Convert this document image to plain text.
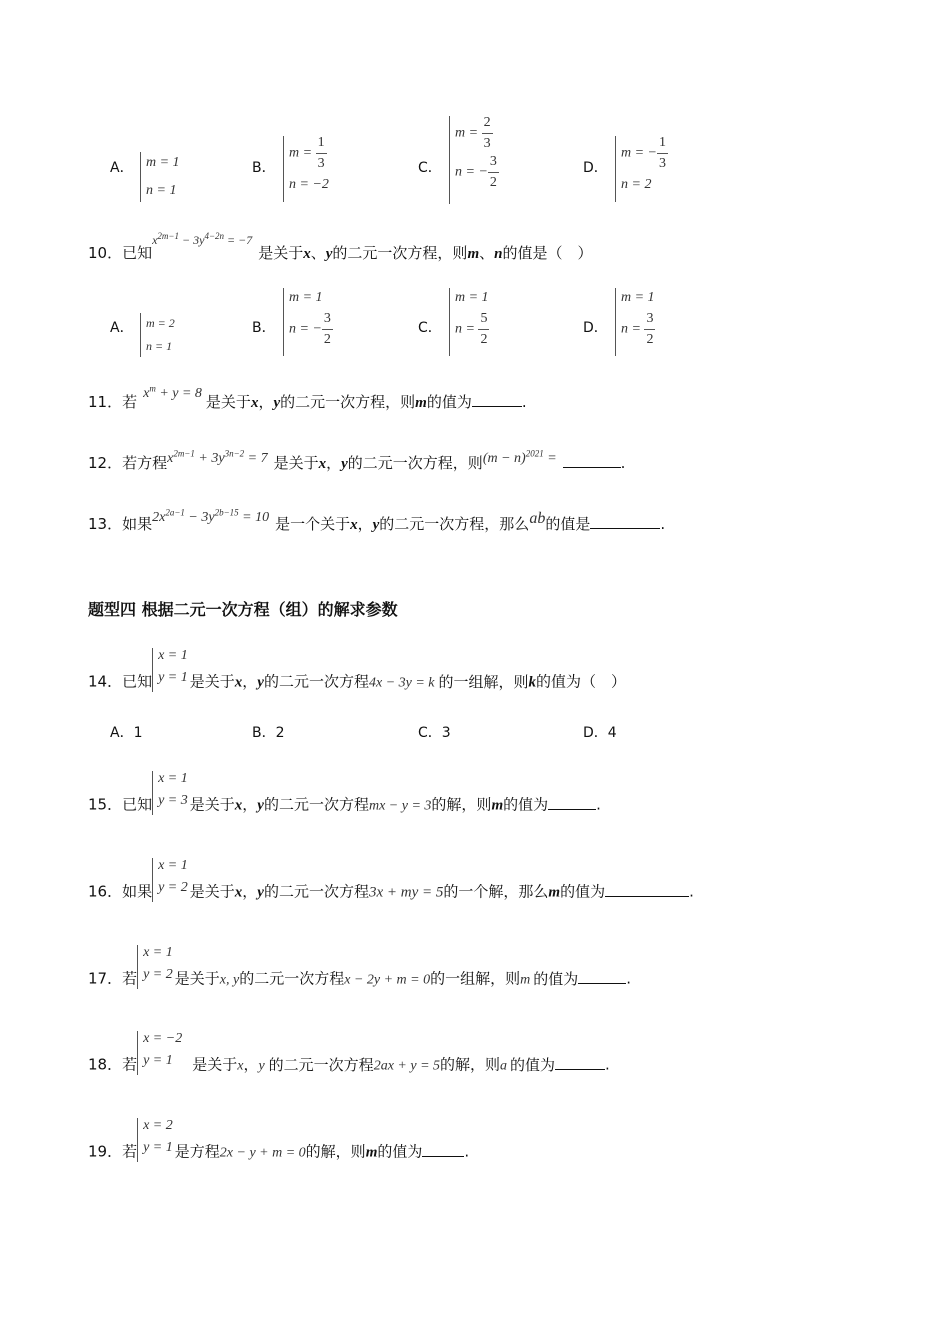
A． m = 1
n = 1
B．
$m = \frac{1}{3}$
n = −2
C．
$m = \frac{2}{3}$
n = − $\frac{3}{2}$	D．
m = − $\frac{1}{3}$
n = 2
10．已知$^{x^{2m-1} - 3y^{4-2n} = -7}$是关于x、y的二元一次方程，则m、n的值是（　）
A． m = 2
n = 1
B．
m = 1
n = − $\frac{3}{2}$	C．
m = 1
$n = \frac{5}{2}$	D．
m = 1
$n = \frac{3}{2}$
11．若 $x^m + y = 8$ 是关于x，y的二元一次方程，则m的值为	.
12．若方程$x^{2m-1} + 3y^{3n-2} = 7$ 是关于x，y的二元一次方程，则$(m - n)^{2021}$ =	.
13．如果$2x^{2a-1} - 3y^{2b-15} = 10$ 是一个关于x，y的二元一次方程，那么ab的值是	.
题型四 根据二元一次方程（组）的解求参数
14．已知
x = 1
y = 1 是关于x，y的二元一次方程4x − 3y = k 的一组解，则k的值为（　）
A．1	B．2	C．3	D．4
15．已知
x = 1
y = 3 是关于x，y的二元一次方程mx − y = 3的解，则m的值为	.
16．如果
x = 1
y = 2 是关于x，y的二元一次方程3x + my = 5的一个解，那么m的值为	.
17．若
x = 1
y = 2 是关于x, y的二元一次方程x − 2y + m = 0的一组解，则m 的值为	.
18．若
x = −2
y = 1	是关于x，y 的二元一次方程2ax + y = 5的解，则a 的值为	.
19．若
x = 2
y = 1 是方程2x − y + m = 0的解，则m的值为	.
